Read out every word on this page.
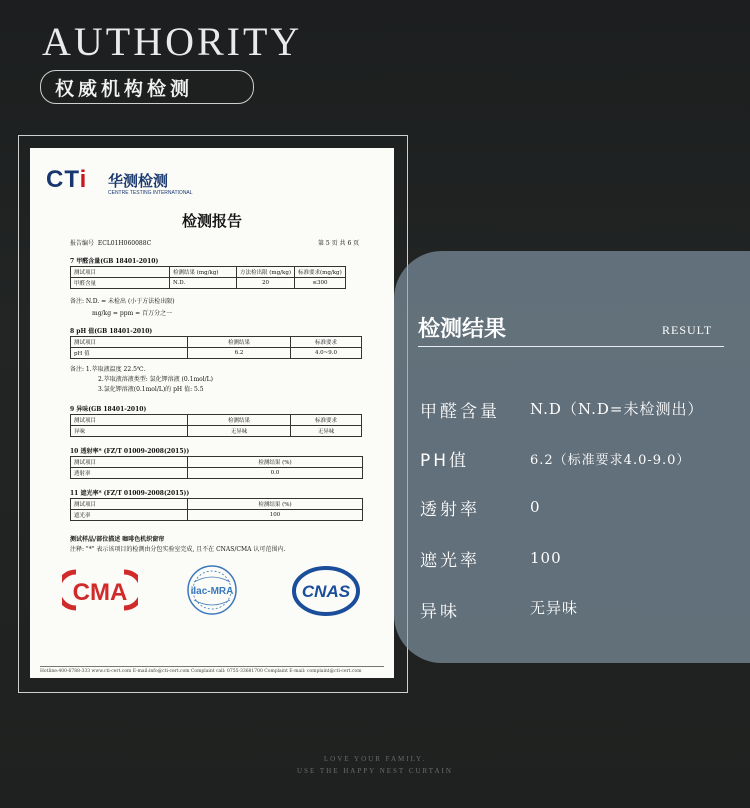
AUTHORITY
权威机构检测
CTi 华测检测
CENTRE TESTING INTERNATIONAL
检测报告
报告编号 ECL01H060088C	第 5 页 共 6 页
7 甲醛含量(GB 18401-2010)
测试项目	检测结果 (mg/kg)	方法检出限 (mg/kg)	标准要求(mg/kg)
甲醛含量	N.D.	20	≤300
备注: N.D. = 未检出 (小于方法检出限)
mg/kg = ppm = 百万分之一
8 pH 值(GB 18401-2010)
测试项目	检测结果	标准要求
pH 值	6.2	4.0~9.0
备注: 1.萃取液温度 22.5℃.
2.萃取液溶液类型: 氯化钾溶液 (0.1mol/L)
3.氯化钾溶液(0.1mol/L)的 pH 值: 5.5
9 异味(GB 18401-2010)
测试项目	检测结果	标准要求
异味	无异味	无异味
10 透射率* (FZ/T 01009-2008(2015))
测试项目	检测结果 (%)
透射率	0.0
11 遮光率* (FZ/T 01009-2008(2015))
测试项目	检测结果 (%)
遮光率	100
测试样品/部位描述 咖啡色机织窗帘
注释: "*" 表示该项目的检测由分包实验室完成, 且不在 CNAS/CMA 认可范围内.
CMA	ilac-MRA	CNAS
Hotline:400-6788-333 www.cti-cert.com E-mail:info@cti-cert.com Complaint call: 0755-33681700 Complaint E-mail: complaint@cti-cert.com
检测结果	RESULT
甲醛含量 N.D（N.D=未检测出）
PH值	6.2（标准要求4.0-9.0）
透射率	0
遮光率	100
异味	无异味
LOVE YOUR FAMILY.
USE THE HAPPY NEST CURTAIN
